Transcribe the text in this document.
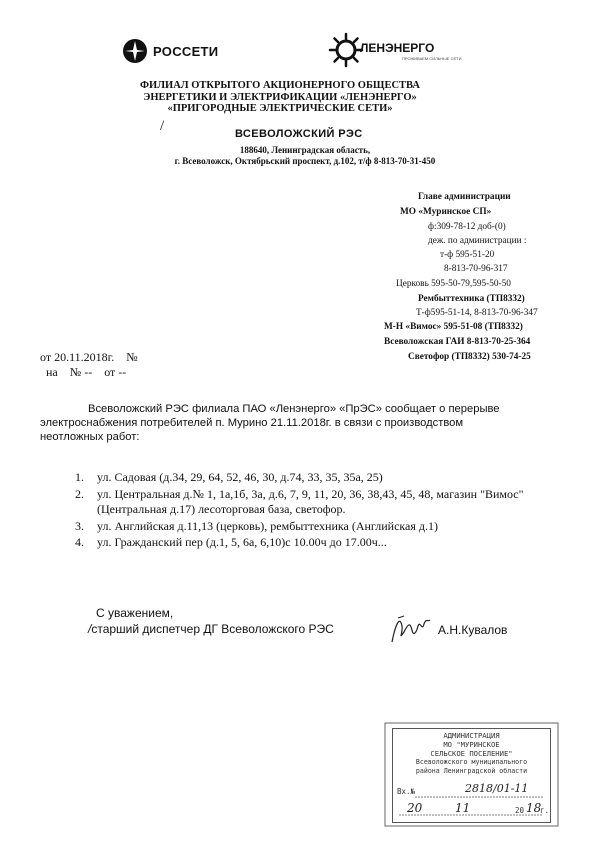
РОССЕТИ	ЛЕНЭНЕРГО
ПРОЖИВАЕМ СИЛЬНЫЕ СЕТИ
ФИЛИАЛ ОТКРЫТОГО АКЦИОНЕРНОГО ОБЩЕСТВА
ЭНЕРГЕТИКИ И ЭЛЕКТРИФИКАЦИИ «ЛЕНЭНЕРГО»
«ПРИГОРОДНЫЕ ЭЛЕКТРИЧЕСКИЕ СЕТИ»
/	ВСЕВОЛОЖСКИЙ РЭС
188640, Ленинградская область,
г. Всеволожск, Октябрьский проспект, д.102, т/ф 8-813-70-31-450
Главе администрации
МО «Муринское СП»
ф:309-78-12 доб-(0)
деж. по администрации :
т-ф 595-51-20
8-813-70-96-317
Церковь 595-50-79,595-50-50
Рембыттехника (ТП8332)
Т-ф595-51-14, 8-813-70-96-347
М-Н «Вимос» 595-51-08 (ТП8332)
Всеволожская ГАИ 8-813-70-25-364
Светофор (ТП8332) 530-74-25
от 20.11.2018г.    №
на    № --    от --

Всеволожский РЭС филиала ПАО «Ленэнерго» «ПрЭС» сообщает о перерыве

электроснабжения потребителей п. Мурино 21.11.2018г. в связи с производством

неотложных работ:

1.	ул. Садовая (д.34, 29, 64, 52, 46, 30, д.74, 33, 35, 35а, 25)
2.	ул. Центральная д.№ 1, 1а,1б, 3а, д.6, 7, 9, 11, 20, 36, 38,43, 45, 48, магазин "Вимос"(Центральная д.17) лесоторговая база, светофор.
3.	ул. Английская д.11,13 (церковь), рембыттехника (Английская д.1)
4.	ул. Гражданский пер (д.1, 5, 6а, 6,10)с 10.00ч до 17.00ч...
С уважением,
/старший диспетчер ДГ Всеволожского РЭС	А.Н.Кувалов
АДМИНИСТРАЦИЯ
МО "МУРИНСКОЕ
СЕЛЬСКОЕ ПОСЕЛЕНИЕ"
Всеволожского муниципального
района Ленинградской области
Вх.№	2818/01-11
20	11	20 18
г.
